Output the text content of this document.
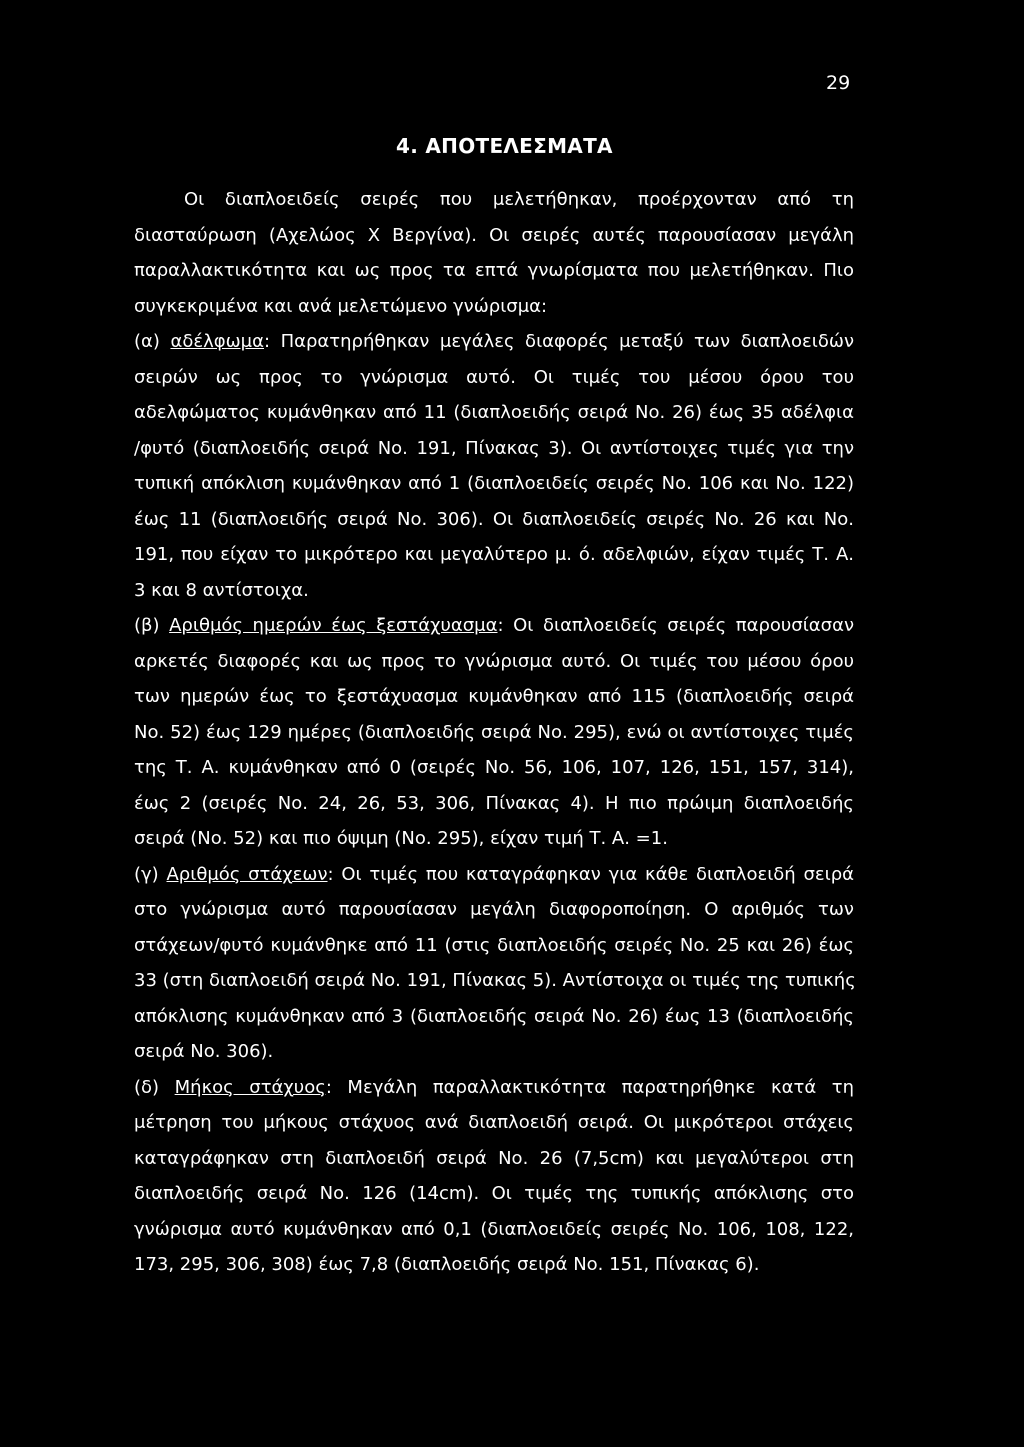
29
4. ΑΠΟΤΕΛΕΣΜΑΤΑ
Οι διαπλοειδείς σειρές που μελετήθηκαν, προέρχονταν από τη
διασταύρωση (Αχελώος Χ Βεργίνα). Οι σειρές αυτές παρουσίασαν μεγάλη
παραλλακτικότητα και ως προς τα επτά γνωρίσματα που μελετήθηκαν. Πιο
συγκεκριμένα και ανά μελετώμενο γνώρισμα:
(α) αδέλφωμα: Παρατηρήθηκαν μεγάλες διαφορές μεταξύ των διαπλοειδών
σειρών ως προς το γνώρισμα αυτό. Οι τιμές του μέσου όρου του
αδελφώματος κυμάνθηκαν από 11 (διαπλοειδής σειρά Νο. 26) έως 35 αδέλφια
/φυτό (διαπλοειδής σειρά Νο. 191, Πίνακας 3). Οι αντίστοιχες τιμές για την
τυπική απόκλιση κυμάνθηκαν από 1 (διαπλοειδείς σειρές Νο. 106 και Νο. 122)
έως 11 (διαπλοειδής σειρά Νο. 306). Οι διαπλοειδείς σειρές Νο. 26 και Νο.
191, που είχαν το μικρότερο και μεγαλύτερο μ. ό. αδελφιών, είχαν τιμές Τ. Α.
3 και 8 αντίστοιχα.
(β) Αριθμός ημερών έως ξεστάχυασμα: Οι διαπλοειδείς σειρές παρουσίασαν
αρκετές διαφορές και ως προς το γνώρισμα αυτό. Οι τιμές του μέσου όρου
των ημερών έως το ξεστάχυασμα κυμάνθηκαν από 115 (διαπλοειδής σειρά
Νο. 52) έως 129 ημέρες (διαπλοειδής σειρά Νο. 295), ενώ οι αντίστοιχες τιμές
της Τ. Α. κυμάνθηκαν από 0 (σειρές Νο. 56, 106, 107, 126, 151, 157, 314),
έως 2 (σειρές Νο. 24, 26, 53, 306, Πίνακας 4). Η πιο πρώιμη διαπλοειδής
σειρά (Νο. 52) και πιο όψιμη (Νο. 295), είχαν τιμή Τ. Α. =1.
(γ) Αριθμός στάχεων: Οι τιμές που καταγράφηκαν για κάθε διαπλοειδή σειρά
στο γνώρισμα αυτό παρουσίασαν μεγάλη διαφοροποίηση. Ο αριθμός των
στάχεων/φυτό κυμάνθηκε από 11 (στις διαπλοειδής σειρές Νο. 25 και 26) έως
33 (στη διαπλοειδή σειρά Νο. 191, Πίνακας 5). Αντίστοιχα οι τιμές της τυπικής
απόκλισης κυμάνθηκαν από 3 (διαπλοειδής σειρά Νο. 26) έως 13 (διαπλοειδής
σειρά Νο. 306).
(δ) Μήκος στάχυος: Μεγάλη παραλλακτικότητα παρατηρήθηκε κατά τη
μέτρηση του μήκους στάχυος ανά διαπλοειδή σειρά. Οι μικρότεροι στάχεις
καταγράφηκαν στη διαπλοειδή σειρά Νο. 26 (7,5cm) και μεγαλύτεροι στη
διαπλοειδής σειρά Νο. 126 (14cm). Οι τιμές της τυπικής απόκλισης στο
γνώρισμα αυτό κυμάνθηκαν από 0,1 (διαπλοειδείς σειρές Νο. 106, 108, 122,
173, 295, 306, 308) έως 7,8 (διαπλοειδής σειρά Νο. 151, Πίνακας 6).
